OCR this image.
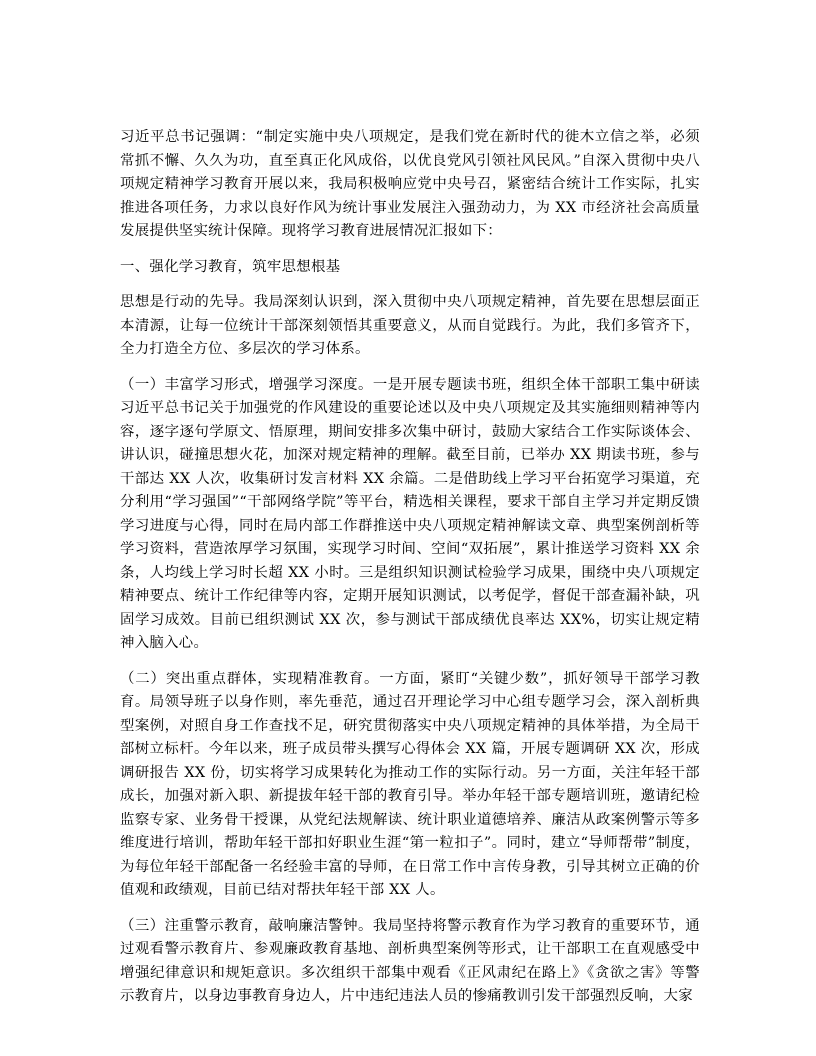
习近平总书记强调：“制定实施中央八项规定，是我们党在新时代的徙木立信之举，必须常抓不懈、久久为功，直至真正化风成俗，以优良党风引领社风民风。”自深入贯彻中央八项规定精神学习教育开展以来，我局积极响应党中央号召，紧密结合统计工作实际，扎实推进各项任务，力求以良好作风为统计事业发展注入强劲动力，为 XX 市经济社会高质量发展提供坚实统计保障。现将学习教育进展情况汇报如下：

一、强化学习教育，筑牢思想根基

思想是行动的先导。我局深刻认识到，深入贯彻中央八项规定精神，首先要在思想层面正本清源，让每一位统计干部深刻领悟其重要意义，从而自觉践行。为此，我们多管齐下，全力打造全方位、多层次的学习体系。

（一）丰富学习形式，增强学习深度。一是开展专题读书班，组织全体干部职工集中研读习近平总书记关于加强党的作风建设的重要论述以及中央八项规定及其实施细则精神等内容，逐字逐句学原文、悟原理，期间安排多次集中研讨，鼓励大家结合工作实际谈体会、讲认识，碰撞思想火花，加深对规定精神的理解。截至目前，已举办 XX 期读书班，参与干部达 XX 人次，收集研讨发言材料 XX 余篇。二是借助线上学习平台拓宽学习渠道，充分利用“学习强国”“干部网络学院”等平台，精选相关课程，要求干部自主学习并定期反馈学习进度与心得，同时在局内部工作群推送中央八项规定精神解读文章、典型案例剖析等学习资料，营造浓厚学习氛围，实现学习时间、空间“双拓展”，累计推送学习资料 XX 余条，人均线上学习时长超 XX 小时。三是组织知识测试检验学习成果，围绕中央八项规定精神要点、统计工作纪律等内容，定期开展知识测试，以考促学，督促干部查漏补缺，巩固学习成效。目前已组织测试 XX 次，参与测试干部成绩优良率达 XX%，切实让规定精神入脑入心。

（二）突出重点群体，实现精准教育。一方面，紧盯“关键少数”，抓好领导干部学习教育。局领导班子以身作则，率先垂范，通过召开理论学习中心组专题学习会，深入剖析典型案例，对照自身工作查找不足，研究贯彻落实中央八项规定精神的具体举措，为全局干部树立标杆。今年以来，班子成员带头撰写心得体会 XX 篇，开展专题调研 XX 次，形成调研报告 XX 份，切实将学习成果转化为推动工作的实际行动。另一方面，关注年轻干部成长，加强对新入职、新提拔年轻干部的教育引导。举办年轻干部专题培训班，邀请纪检监察专家、业务骨干授课，从党纪法规解读、统计职业道德培养、廉洁从政案例警示等多维度进行培训，帮助年轻干部扣好职业生涯“第一粒扣子”。同时，建立“导师帮带”制度，为每位年轻干部配备一名经验丰富的导师，在日常工作中言传身教，引导其树立正确的价值观和政绩观，目前已结对帮扶年轻干部 XX 人。

（三）注重警示教育，敲响廉洁警钟。我局坚持将警示教育作为学习教育的重要环节，通过观看警示教育片、参观廉政教育基地、剖析典型案例等形式，让干部职工在直观感受中增强纪律意识和规矩意识。多次组织干部集中观看《正风肃纪在路上》《贪欲之害》等警示教育片，以身边事教育身边人，片中违纪违法人员的惨痛教训引发干部强烈反响，大家
